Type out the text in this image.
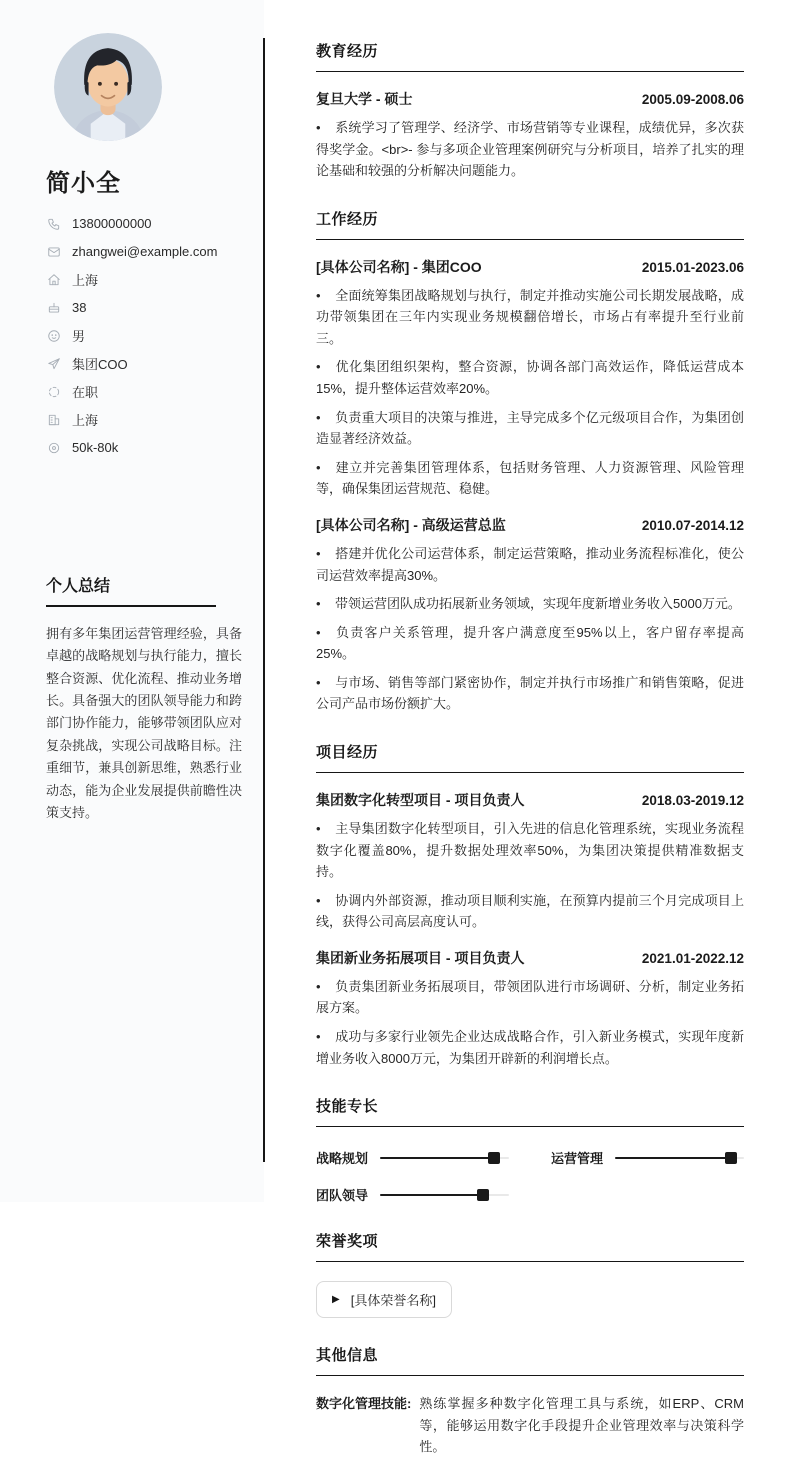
简小全
13800000000
zhangwei@example.com
上海
38
男
集团COO
在职
上海
50k-80k
个人总结

拥有多年集团运营管理经验，具备卓越的战略规划与执行能力，擅长整合资源、优化流程、推动业务增长。具备强大的团队领导能力和跨部门协作能力，能够带领团队应对复杂挑战，实现公司战略目标。注重细节，兼具创新思维，熟悉行业动态，能为企业发展提供前瞻性决策支持。

教育经历
复旦大学 - 硕士	2005.09-2008.06

• 系统学习了管理学、经济学、市场营销等专业课程，成绩优异，多次获得奖学金。<br>- 参与多项企业管理案例研究与分析项目，培养了扎实的理论基础和较强的分析解决问题能力。

工作经历
[具体公司名称] - 集团COO	2015.01-2023.06

• 全面统筹集团战略规划与执行，制定并推动实施公司长期发展战略，成功带领集团在三年内实现业务规模翻倍增长，市场占有率提升至行业前三。

• 优化集团组织架构，整合资源，协调各部门高效运作，降低运营成本15%，提升整体运营效率20%。

• 负责重大项目的决策与推进，主导完成多个亿元级项目合作，为集团创造显著经济效益。

• 建立并完善集团管理体系，包括财务管理、人力资源管理、风险管理等，确保集团运营规范、稳健。

[具体公司名称] - 高级运营总监	2010.07-2014.12

• 搭建并优化公司运营体系，制定运营策略，推动业务流程标准化，使公司运营效率提高30%。

• 带领运营团队成功拓展新业务领域，实现年度新增业务收入5000万元。

• 负责客户关系管理，提升客户满意度至95%以上，客户留存率提高25%。

• 与市场、销售等部门紧密协作，制定并执行市场推广和销售策略，促进公司产品市场份额扩大。

项目经历
集团数字化转型项目 - 项目负责人	2018.03-2019.12

• 主导集团数字化转型项目，引入先进的信息化管理系统，实现业务流程数字化覆盖80%，提升数据处理效率50%，为集团决策提供精准数据支持。

• 协调内外部资源，推动项目顺利实施，在预算内提前三个月完成项目上线，获得公司高层高度认可。

集团新业务拓展项目 - 项目负责人	2021.01-2022.12

• 负责集团新业务拓展项目，带领团队进行市场调研、分析，制定业务拓展方案。

• 成功与多家行业领先企业达成战略合作，引入新业务模式，实现年度新增业务收入8000万元，为集团开辟新的利润增长点。

技能专长
战略规划	运营管理
团队领导
荣誉奖项
▶ [具体荣誉名称]
其他信息
数字化管理技能: 熟练掌握多种数字化管理工具与系统，如ERP、CRM等，能够运用数字化手段提升企业管理效率与决策科学性。
